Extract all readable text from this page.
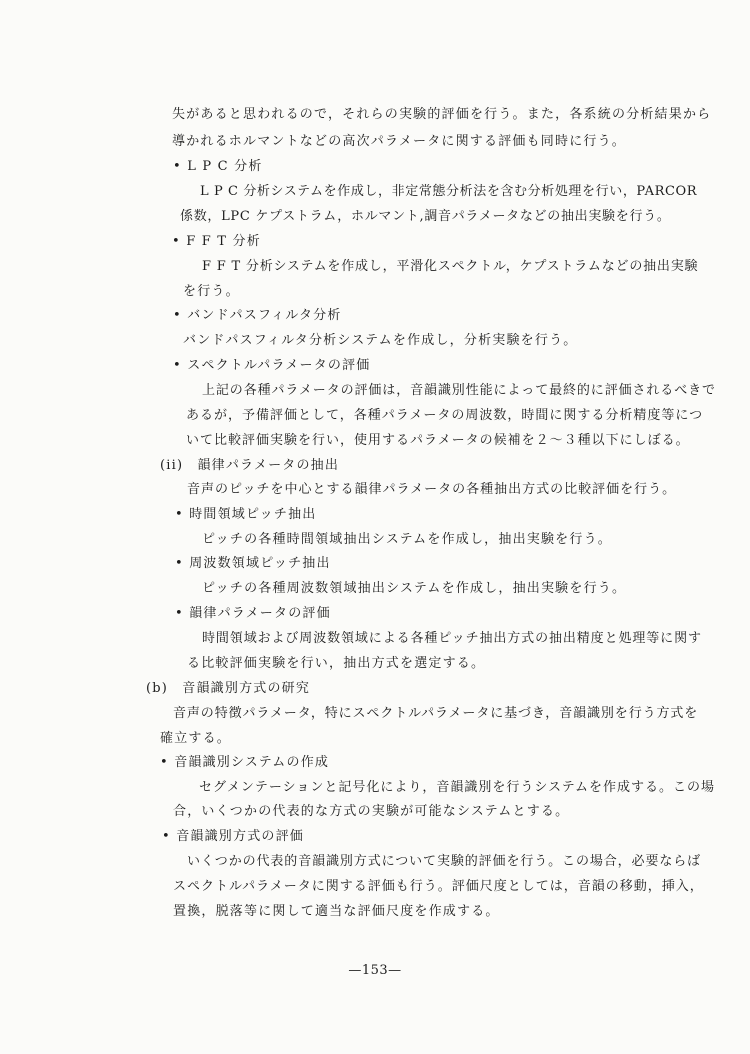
失があると思われるので，それらの実験的評価を行う。また，各系統の分析結果から
導かれるホルマントなどの高次パラメータに関する評価も同時に行う。
• L P C 分析
L P C 分析システムを作成し，非定常態分析法を含む分析処理を行い，PARCOR
係数，LPC ケプストラム，ホルマント,調音パラメータなどの抽出実験を行う。
• F F T 分析
F F T 分析システムを作成し，平滑化スペクトル，ケプストラムなどの抽出実験
を行う。
• バンドパスフィルタ分析
バンドパスフィルタ分析システムを作成し，分析実験を行う。
• スペクトルパラメータの評価
上記の各種パラメータの評価は，音韻識別性能によって最終的に評価されるべきで
あるが，予備評価として，各種パラメータの周波数，時間に関する分析精度等につ
いて比較評価実験を行い，使用するパラメータの候補を２～３種以下にしぼる。
(ii)　韻律パラメータの抽出
音声のピッチを中心とする韻律パラメータの各種抽出方式の比較評価を行う。
• 時間領域ピッチ抽出
ピッチの各種時間領域抽出システムを作成し，抽出実験を行う。
• 周波数領域ピッチ抽出
ピッチの各種周波数領域抽出システムを作成し，抽出実験を行う。
• 韻律パラメータの評価
時間領域および周波数領域による各種ピッチ抽出方式の抽出精度と処理等に関す
る比較評価実験を行い，抽出方式を選定する。
(b)　音韻識別方式の研究
音声の特徴パラメータ，特にスペクトルパラメータに基づき，音韻識別を行う方式を
確立する。
• 音韻識別システムの作成
セグメンテーションと記号化により，音韻識別を行うシステムを作成する。この場
合，いくつかの代表的な方式の実験が可能なシステムとする。
• 音韻識別方式の評価
いくつかの代表的音韻識別方式について実験的評価を行う。この場合，必要ならば
スペクトルパラメータに関する評価も行う。評価尺度としては，音韻の移動，挿入，
置換，脱落等に関して適当な評価尺度を作成する。
—153—
